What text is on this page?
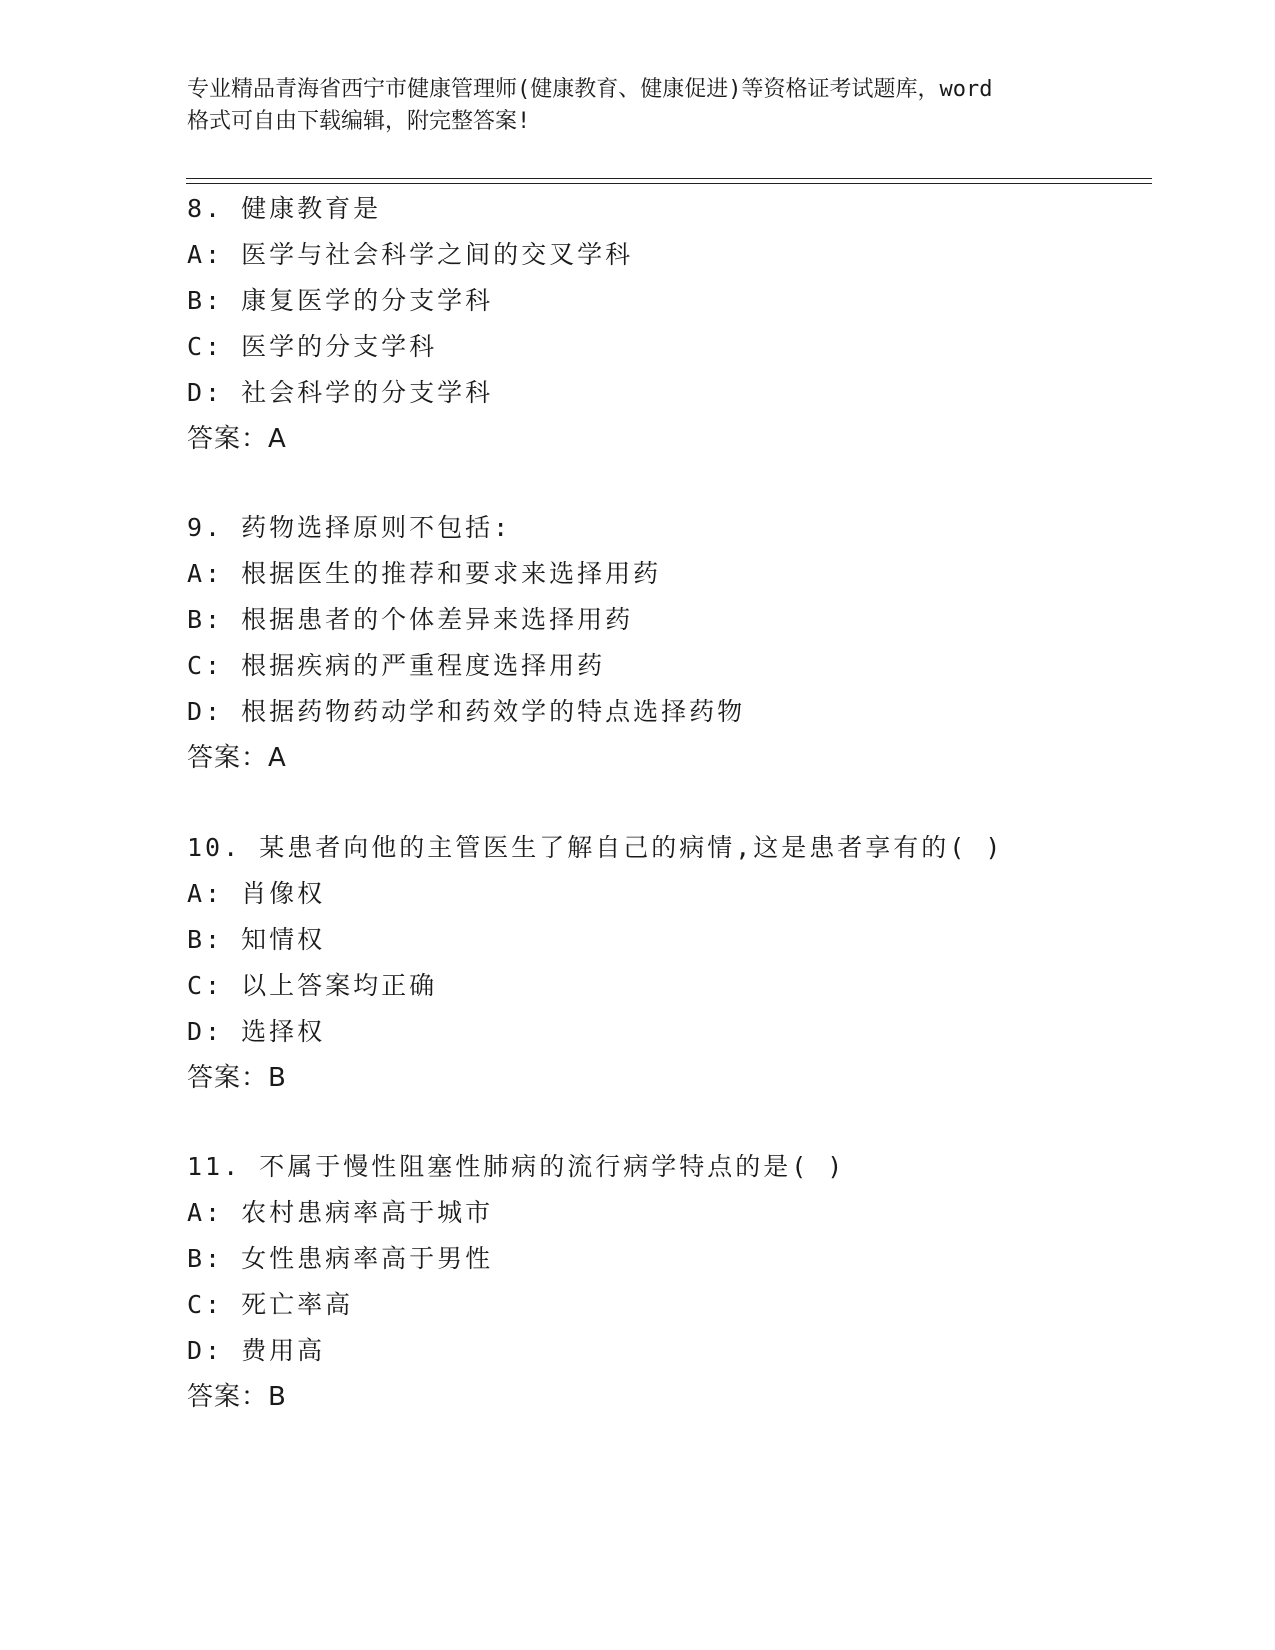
专业精品青海省西宁市健康管理师(健康教育、健康促进)等资格证考试题库，word
格式可自由下载编辑，附完整答案!
8. 健康教育是
A: 医学与社会科学之间的交叉学科
B: 康复医学的分支学科
C: 医学的分支学科
D: 社会科学的分支学科
答案：A
9. 药物选择原则不包括:
A: 根据医生的推荐和要求来选择用药
B: 根据患者的个体差异来选择用药
C: 根据疾病的严重程度选择用药
D: 根据药物药动学和药效学的特点选择药物
答案：A
10. 某患者向他的主管医生了解自己的病情,这是患者享有的( )
A: 肖像权
B: 知情权
C: 以上答案均正确
D: 选择权
答案：B
11. 不属于慢性阻塞性肺病的流行病学特点的是( )
A: 农村患病率高于城市
B: 女性患病率高于男性
C: 死亡率高
D: 费用高
答案：B
